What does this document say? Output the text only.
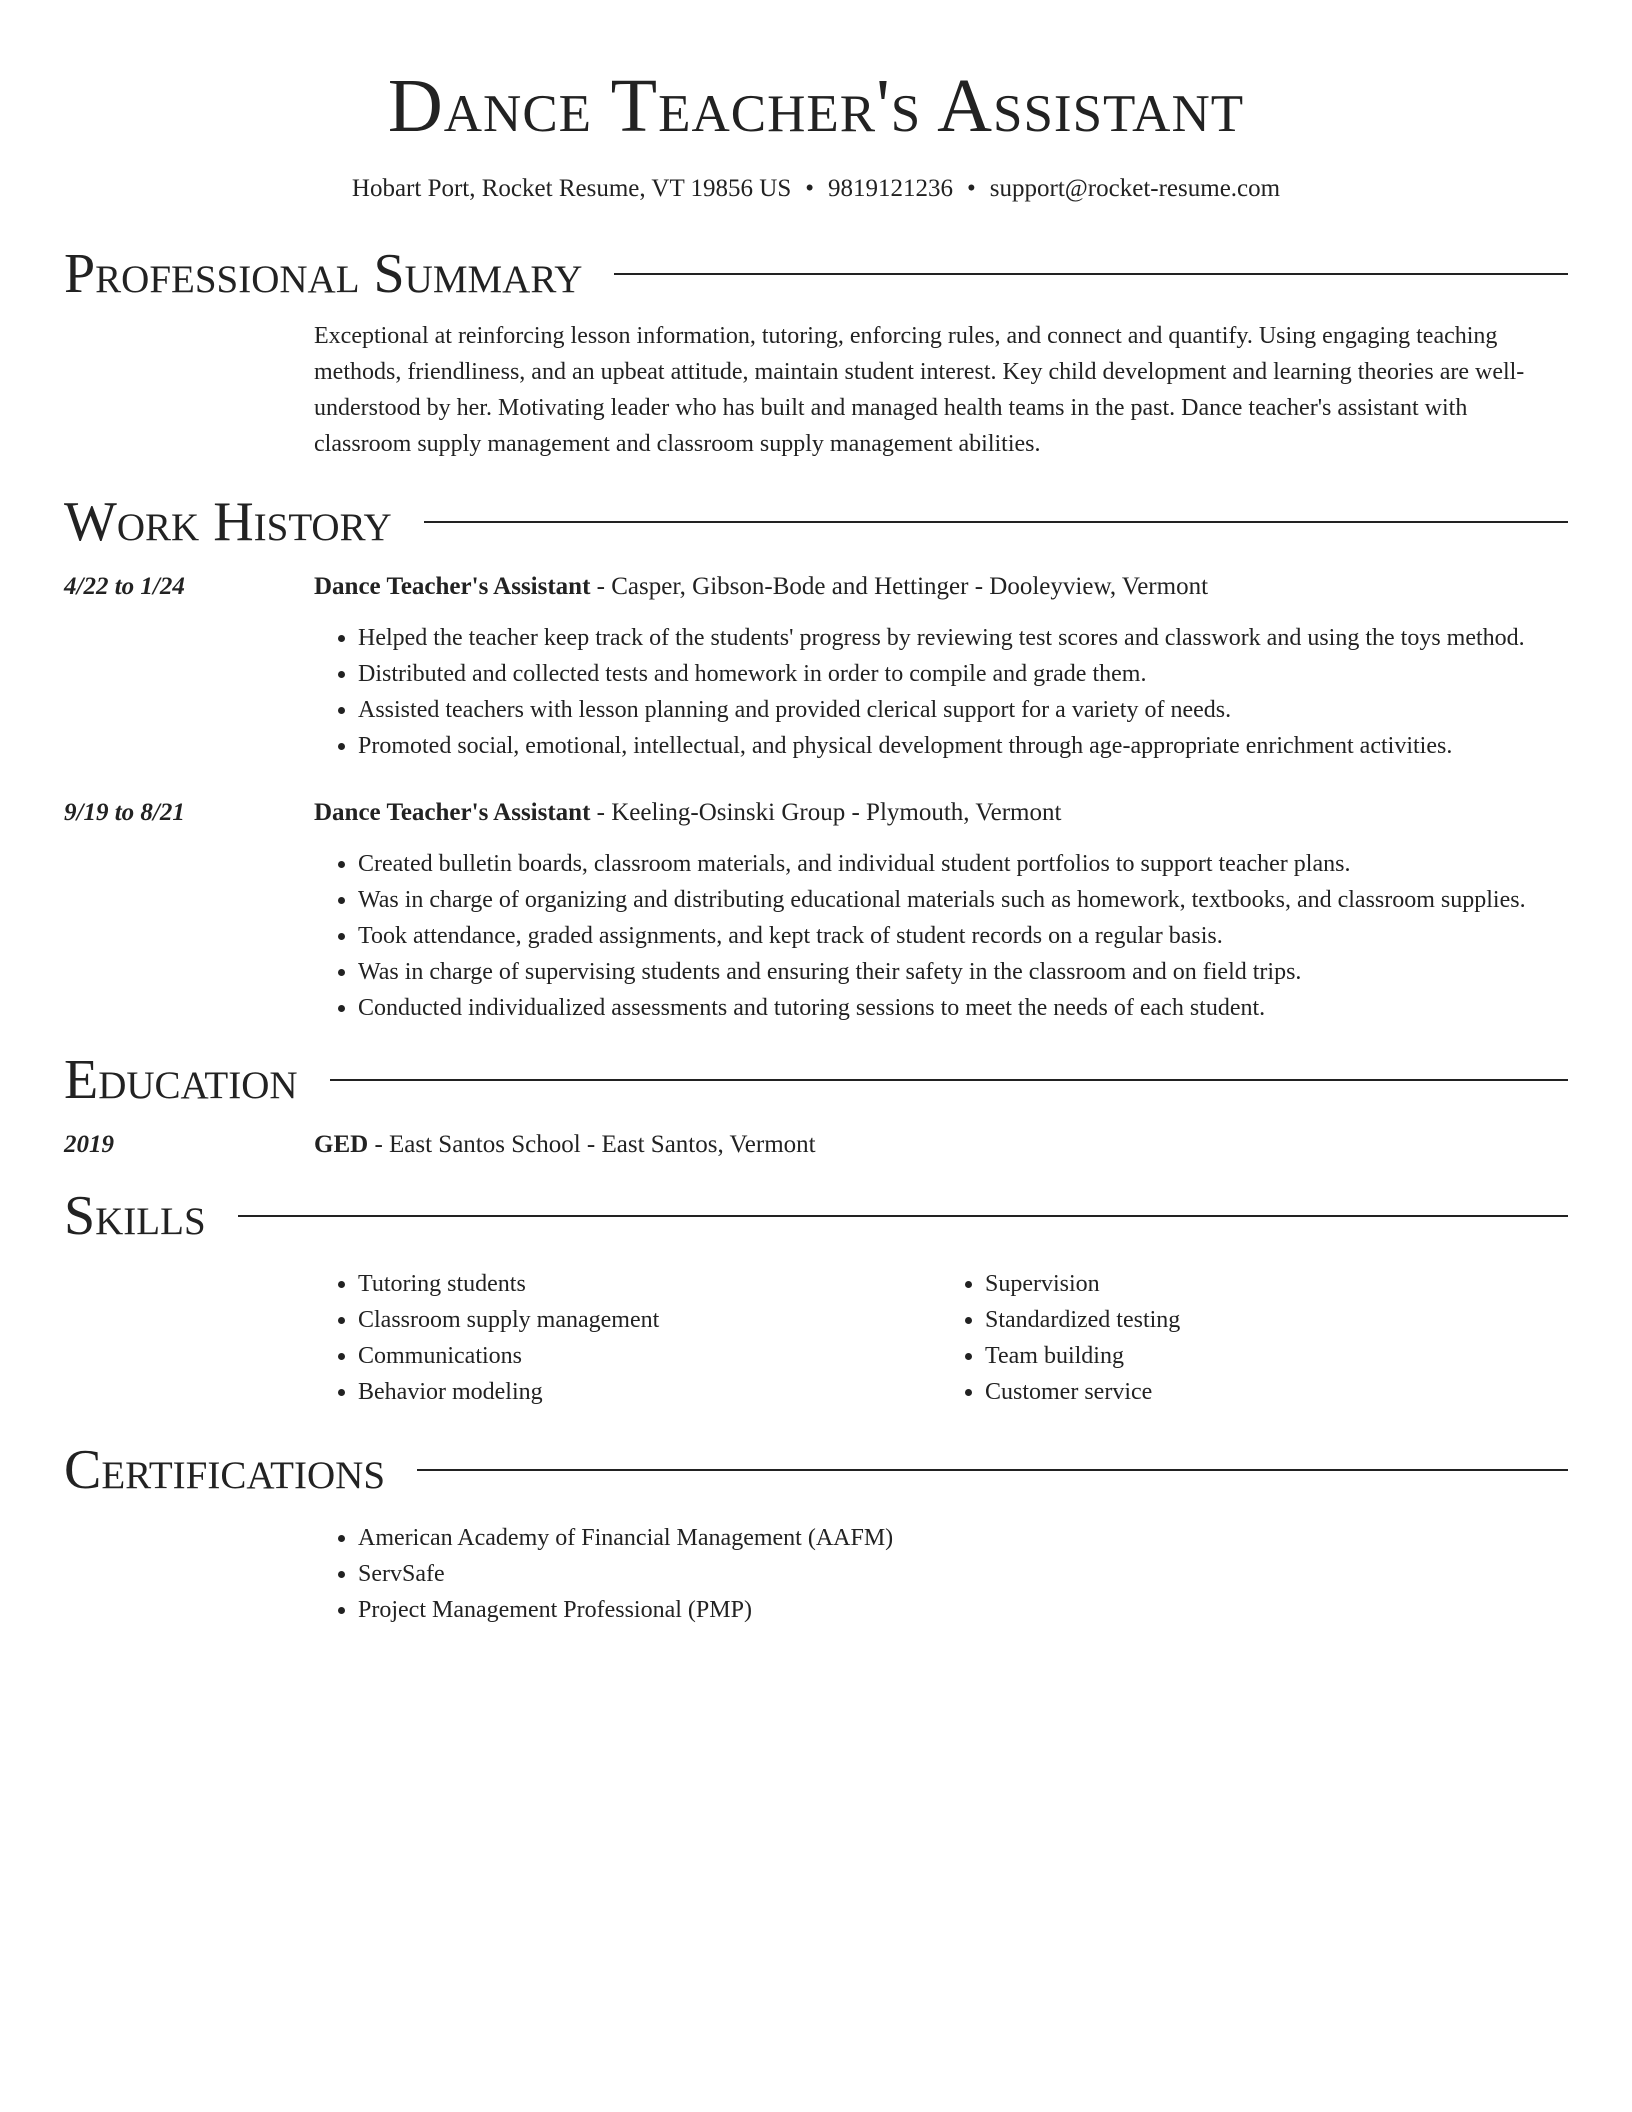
Dance Teacher's Assistant
Hobart Port, Rocket Resume, VT 19856 US • 9819121236 • support@rocket-resume.com
Professional Summary

Exceptional at reinforcing lesson information, tutoring, enforcing rules, and connect and quantify. Using engaging teaching methods, friendliness, and an upbeat attitude, maintain student interest. Key child development and learning theories are well-understood by her. Motivating leader who has built and managed health teams in the past. Dance teacher's assistant with classroom supply management and classroom supply management abilities.

Work History
4/22 to 1/24	Dance Teacher's Assistant - Casper, Gibson-Bode and Hettinger - Dooleyview, Vermont
• Helped the teacher keep track of the students' progress by reviewing test scores and classwork and using the toys method.
• Distributed and collected tests and homework in order to compile and grade them.
• Assisted teachers with lesson planning and provided clerical support for a variety of needs.
• Promoted social, emotional, intellectual, and physical development through age-appropriate enrichment activities.
9/19 to 8/21	Dance Teacher's Assistant - Keeling-Osinski Group - Plymouth, Vermont
• Created bulletin boards, classroom materials, and individual student portfolios to support teacher plans.
• Was in charge of organizing and distributing educational materials such as homework, textbooks, and classroom supplies.
• Took attendance, graded assignments, and kept track of student records on a regular basis.
• Was in charge of supervising students and ensuring their safety in the classroom and on field trips.
• Conducted individualized assessments and tutoring sessions to meet the needs of each student.
Education
2019	GED - East Santos School - East Santos, Vermont
Skills
• Tutoring students
• Classroom supply management
• Communications
• Behavior modeling
• Supervision
• Standardized testing
• Team building
• Customer service
Certifications
• American Academy of Financial Management (AAFM)
• ServSafe
• Project Management Professional (PMP)
